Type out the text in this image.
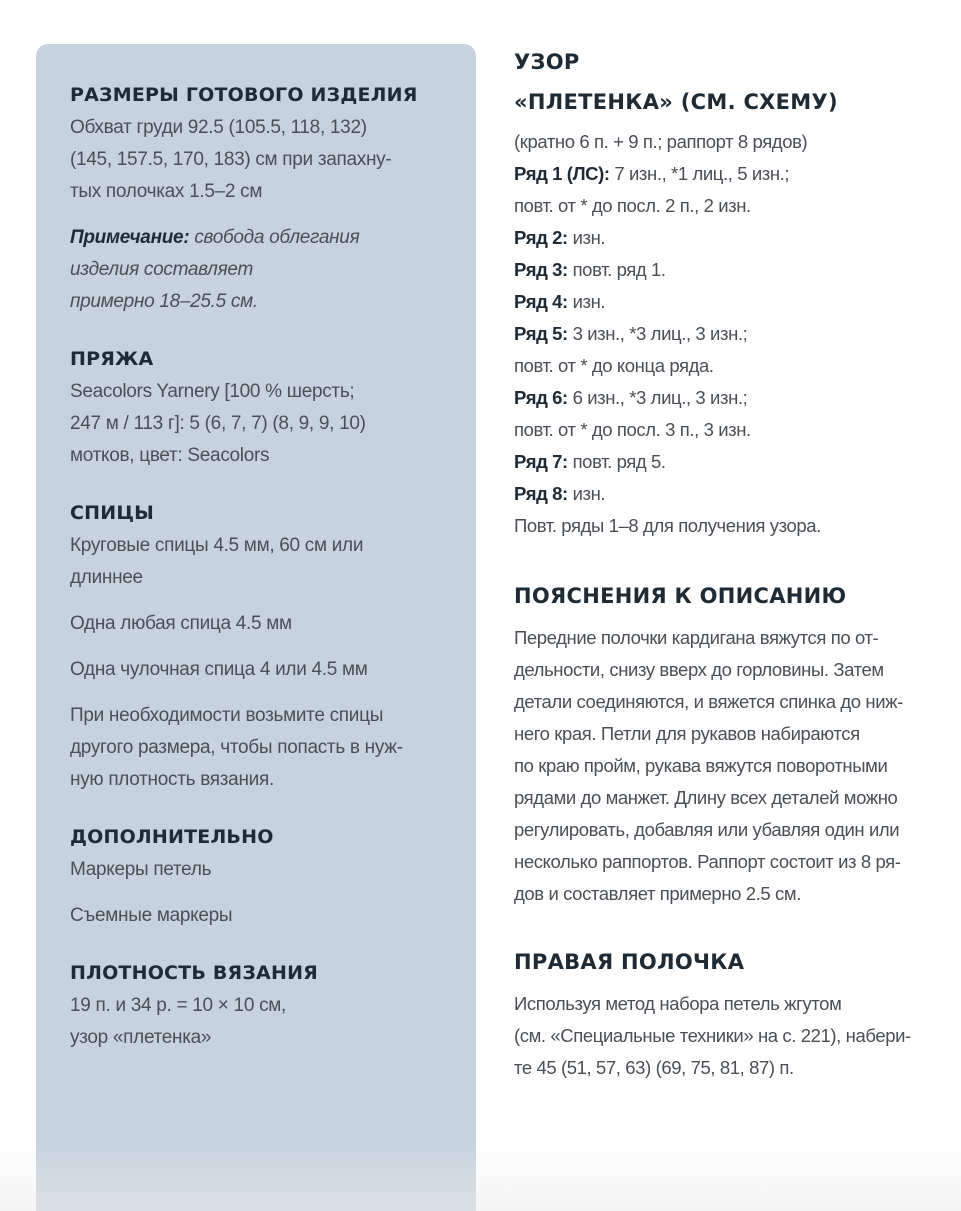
РАЗМЕРЫ ГОТОВОГО ИЗДЕЛИЯ

Обхват груди 92.5 (105.5, 118, 132)

(145, 157.5, 170, 183) см при запахну-

тых полочках 1.5–2 см

Примечание: свобода облегания

изделия составляет

примерно 18–25.5 см.

ПРЯЖА

Seacolors Yarnery [100 % шерсть;

247 м / 113 г]: 5 (6, 7, 7) (8, 9, 9, 10)

мотков, цвет: Seacolors

СПИЦЫ

Круговые спицы 4.5 мм, 60 см или

длиннее

Одна любая спица 4.5 мм

Одна чулочная спица 4 или 4.5 мм

При необходимости возьмите спицы

другого размера, чтобы попасть в нуж-

ную плотность вязания.

ДОПОЛНИТЕЛЬНО

Маркеры петель

Съемные маркеры

ПЛОТНОСТЬ ВЯЗАНИЯ

19 п. и 34 р. = 10 × 10 см,

узор «плетенка»

УЗОР
«ПЛЕТЕНКА» (СМ. СХЕМУ)

(кратно 6 п. + 9 п.; раппорт 8 рядов)

Ряд 1 (ЛС): 7 изн., *1 лиц., 5 изн.;

повт. от * до посл. 2 п., 2 изн.

Ряд 2: изн.

Ряд 3: повт. ряд 1.

Ряд 4: изн.

Ряд 5: 3 изн., *3 лиц., 3 изн.;

повт. от * до конца ряда.

Ряд 6: 6 изн., *3 лиц., 3 изн.;

повт. от * до посл. 3 п., 3 изн.

Ряд 7: повт. ряд 5.

Ряд 8: изн.

Повт. ряды 1–8 для получения узора.

ПОЯСНЕНИЯ К ОПИСАНИЮ

Передние полочки кардигана вяжутся по от-

дельности, снизу вверх до горловины. Затем

детали соединяются, и вяжется спинка до ниж-

него края. Петли для рукавов набираются

по краю пройм, рукава вяжутся поворотными

рядами до манжет. Длину всех деталей можно

регулировать, добавляя или убавляя один или

несколько раппортов. Раппорт состоит из 8 ря-

дов и составляет примерно 2.5 см.

ПРАВАЯ ПОЛОЧКА

Используя метод набора петель жгутом

(см. «Специальные техники» на с. 221), набери-

те 45 (51, 57, 63) (69, 75, 81, 87) п.
